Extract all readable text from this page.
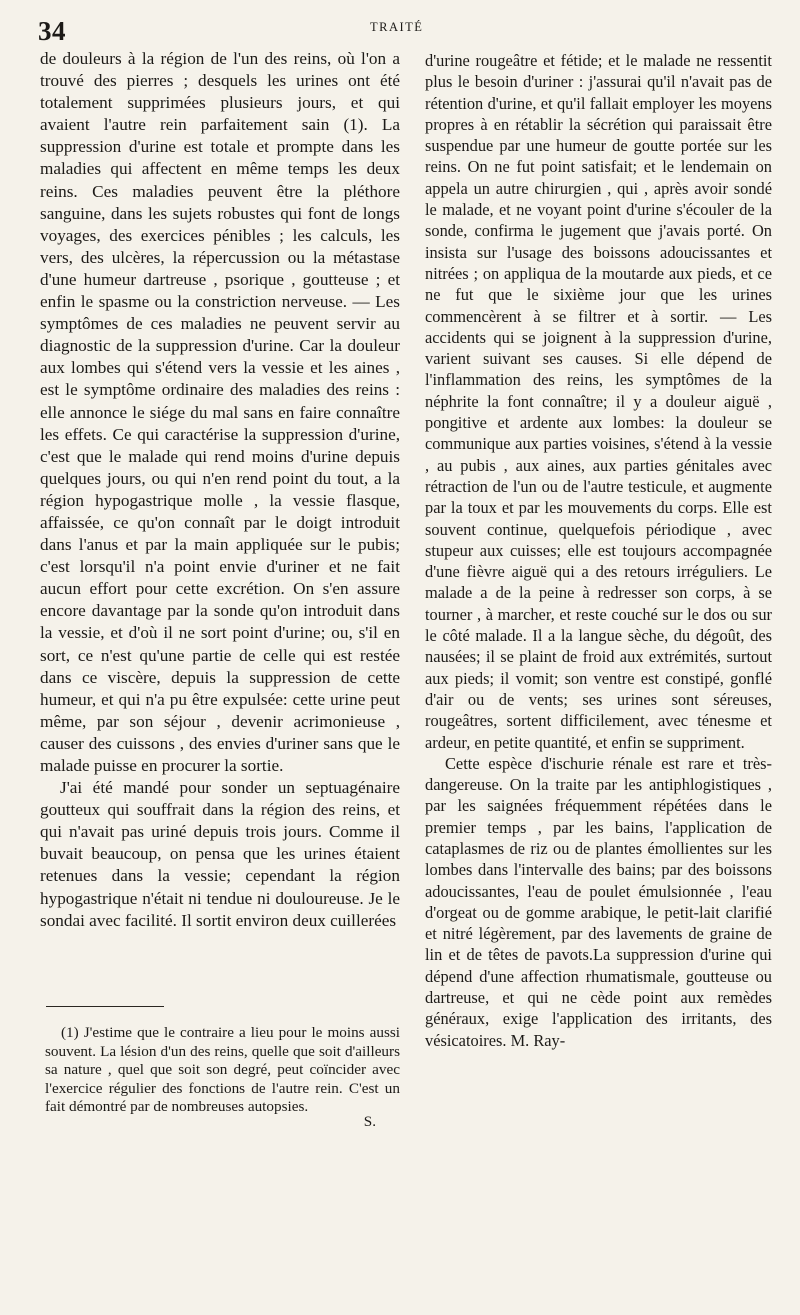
34	TRAITÉ

de douleurs à la région de l'un des reins, où l'on a trouvé des pierres ; desquels les urines ont été totalement supprimées plusieurs jours, et qui avaient l'autre rein parfaitement sain (1). La suppression d'urine est totale et prompte dans les maladies qui affectent en même temps les deux reins. Ces maladies peuvent être la pléthore sanguine, dans les sujets robustes qui font de longs voyages, des exercices pénibles ; les calculs, les vers, des ulcères, la répercussion ou la métastase d'une humeur dartreuse , psorique , goutteuse ; et enfin le spasme ou la constriction nerveuse. — Les symptômes de ces maladies ne peuvent servir au diagnostic de la suppression d'urine. Car la douleur aux lombes qui s'étend vers la vessie et les aines , est le symptôme ordinaire des maladies des reins : elle annonce le siége du mal sans en faire connaître les effets. Ce qui caractérise la suppression d'urine, c'est que le malade qui rend moins d'urine depuis quelques jours, ou qui n'en rend point du tout, a la région hypogastrique molle , la vessie flasque, affaissée, ce qu'on connaît par le doigt introduit dans l'anus et par la main appliquée sur le pubis; c'est lorsqu'il n'a point envie d'uriner et ne fait aucun effort pour cette excrétion. On s'en assure encore davantage par la sonde qu'on introduit dans la vessie, et d'où il ne sort point d'urine; ou, s'il en sort, ce n'est qu'une partie de celle qui est restée dans ce viscère, depuis la suppression de cette humeur, et qui n'a pu être expulsée: cette urine peut même, par son séjour , devenir acrimonieuse , causer des cuissons , des envies d'uriner sans que le malade puisse en procurer la sortie.

J'ai été mandé pour sonder un septuagénaire goutteux qui souffrait dans la région des reins, et qui n'avait pas uriné depuis trois jours. Comme il buvait beaucoup, on pensa que les urines étaient retenues dans la vessie; cependant la région hypogastrique n'était ni tendue ni douloureuse. Je le sondai avec facilité. Il sortit environ deux cuillerées

(1) J'estime que le contraire a lieu pour le moins aussi souvent. La lésion d'un des reins, quelle que soit d'ailleurs sa nature , quel que soit son degré, peut coïncider avec l'exercice régulier des fonctions de l'autre rein. C'est un fait démontré par de nombreuses autopsies.

S.

d'urine rougeâtre et fétide; et le malade ne ressentit plus le besoin d'uriner : j'assurai qu'il n'avait pas de rétention d'urine, et qu'il fallait employer les moyens propres à en rétablir la sécrétion qui paraissait être suspendue par une humeur de goutte portée sur les reins. On ne fut point satisfait; et le lendemain on appela un autre chirurgien , qui , après avoir sondé le malade, et ne voyant point d'urine s'écouler de la sonde, confirma le jugement que j'avais porté. On insista sur l'usage des boissons adoucissantes et nitrées ; on appliqua de la moutarde aux pieds, et ce ne fut que le sixième jour que les urines commencèrent à se filtrer et à sortir. — Les accidents qui se joignent à la suppression d'urine, varient suivant ses causes. Si elle dépend de l'inflammation des reins, les symptômes de la néphrite la font connaître; il y a douleur aiguë , pongitive et ardente aux lombes: la douleur se communique aux parties voisines, s'étend à la vessie , au pubis , aux aines, aux parties génitales avec rétraction de l'un ou de l'autre testicule, et augmente par la toux et par les mouvements du corps. Elle est souvent continue, quelquefois périodique , avec stupeur aux cuisses; elle est toujours accompagnée d'une fièvre aiguë qui a des retours irréguliers. Le malade a de la peine à redresser son corps, à se tourner , à marcher, et reste couché sur le dos ou sur le côté malade. Il a la langue sèche, du dégoût, des nausées; il se plaint de froid aux extrémités, surtout aux pieds; il vomit; son ventre est constipé, gonflé d'air ou de vents; ses urines sont séreuses, rougeâtres, sortent difficilement, avec ténesme et ardeur, en petite quantité, et enfin se suppriment.

Cette espèce d'ischurie rénale est rare et très-dangereuse. On la traite par les antiphlogistiques , par les saignées fréquemment répétées dans le premier temps , par les bains, l'application de cataplasmes de riz ou de plantes émollientes sur les lombes dans l'intervalle des bains; par des boissons adoucissantes, l'eau de poulet émulsionnée , l'eau d'orgeat ou de gomme arabique, le petit-lait clarifié et nitré légèrement, par des lavements de graine de lin et de têtes de pavots.La suppression d'urine qui dépend d'une affection rhumatismale, goutteuse ou dartreuse, et qui ne cède point aux remèdes généraux, exige l'application des irritants, des vésicatoires. M. Ray-
